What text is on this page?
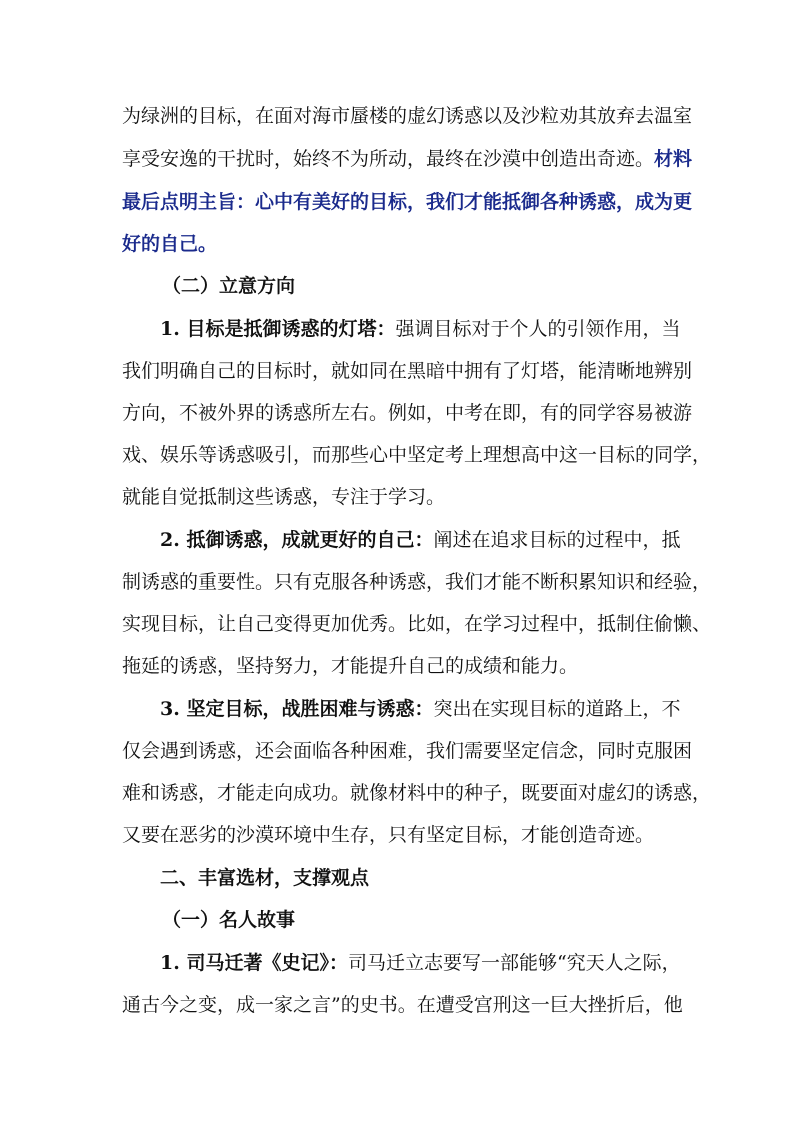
为绿洲的目标，在面对海市蜃楼的虚幻诱惑以及沙粒劝其放弃去温室
享受安逸的干扰时，始终不为所动，最终在沙漠中创造出奇迹。材料
最后点明主旨：心中有美好的目标，我们才能抵御各种诱惑，成为更
好的自己。
（二）立意方向
1. 目标是抵御诱惑的灯塔：强调目标对于个人的引领作用，当
我们明确自己的目标时，就如同在黑暗中拥有了灯塔，能清晰地辨别
方向，不被外界的诱惑所左右。例如，中考在即，有的同学容易被游
戏、娱乐等诱惑吸引，而那些心中坚定考上理想高中这一目标的同学，
就能自觉抵制这些诱惑，专注于学习。
2. 抵御诱惑，成就更好的自己：阐述在追求目标的过程中，抵
制诱惑的重要性。只有克服各种诱惑，我们才能不断积累知识和经验，
实现目标，让自己变得更加优秀。比如，在学习过程中，抵制住偷懒、
拖延的诱惑，坚持努力，才能提升自己的成绩和能力。
3. 坚定目标，战胜困难与诱惑：突出在实现目标的道路上，不
仅会遇到诱惑，还会面临各种困难，我们需要坚定信念，同时克服困
难和诱惑，才能走向成功。就像材料中的种子，既要面对虚幻的诱惑，
又要在恶劣的沙漠环境中生存，只有坚定目标，才能创造奇迹。
二、丰富选材，支撑观点
（一）名人故事
1. 司马迁著《史记》：司马迁立志要写一部能够“究天人之际，
通古今之变，成一家之言”的史书。在遭受宫刑这一巨大挫折后，他
